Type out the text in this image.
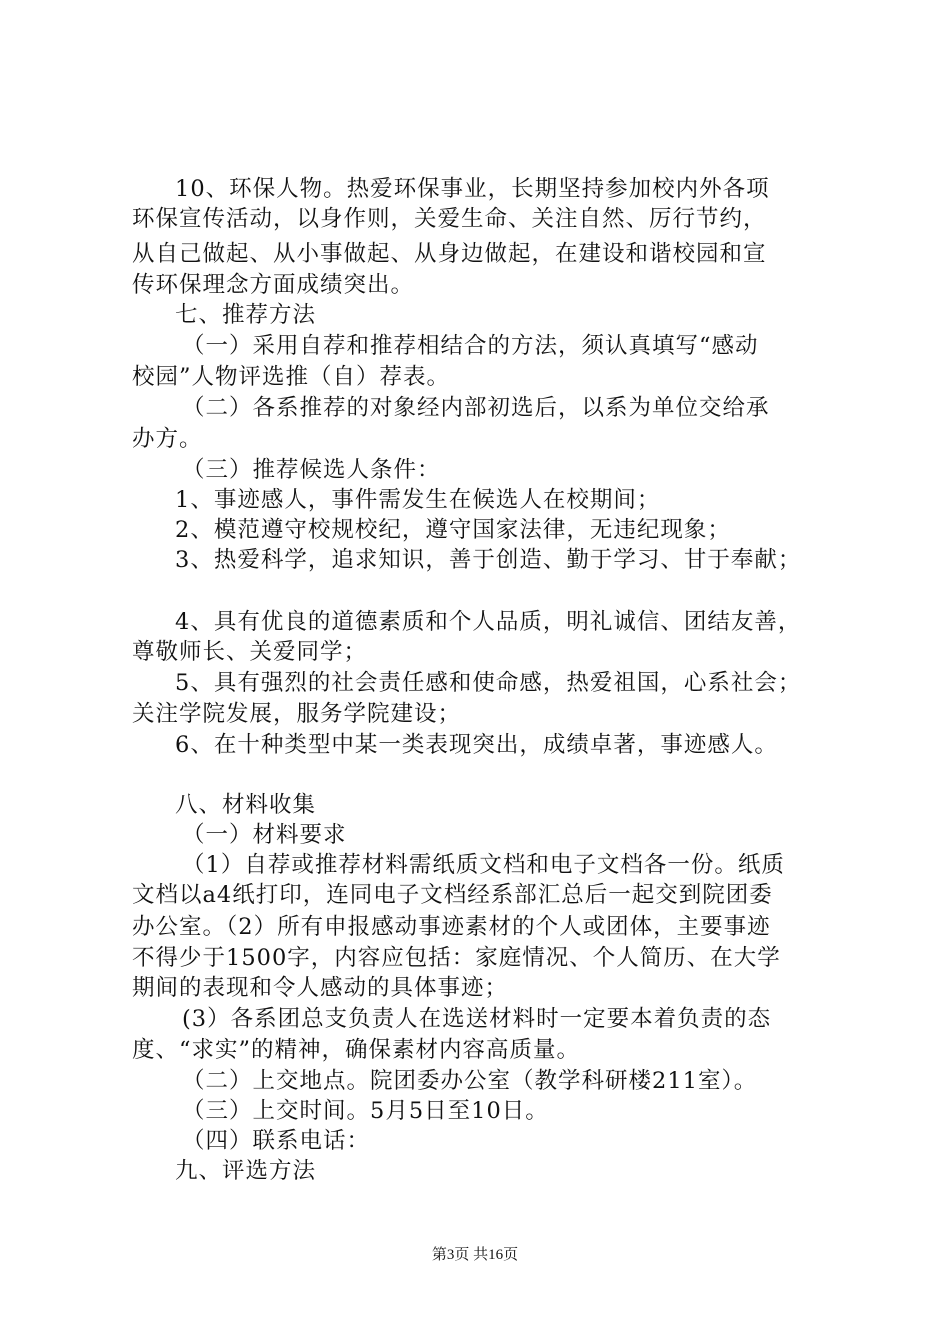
10、环保人物。热爱环保事业，长期坚持参加校内外各项
环保宣传活动，以身作则，关爱生命、关注自然、厉行节约，
从自己做起、从小事做起、从身边做起，在建设和谐校园和宣
传环保理念方面成绩突出。
七、推荐方法
（一）采用自荐和推荐相结合的方法，须认真填写“感动
校园”人物评选推（自）荐表。
（二）各系推荐的对象经内部初选后，以系为单位交给承
办方。
（三）推荐候选人条件：
1、事迹感人，事件需发生在候选人在校期间；
2、模范遵守校规校纪，遵守国家法律，无违纪现象；
3、热爱科学，追求知识，善于创造、勤于学习、甘于奉献；
4、具有优良的道德素质和个人品质，明礼诚信、团结友善，
尊敬师长、关爱同学；
5、具有强烈的社会责任感和使命感，热爱祖国，心系社会；
关注学院发展，服务学院建设；
6、在十种类型中某一类表现突出，成绩卓著，事迹感人。
八、材料收集
（一）材料要求
（1）自荐或推荐材料需纸质文档和电子文档各一份。纸质
文档以a4纸打印，连同电子文档经系部汇总后一起交到院团委
办公室。（2）所有申报感动事迹素材的个人或团体，主要事迹
不得少于1500字，内容应包括：家庭情况、个人简历、在大学
期间的表现和令人感动的具体事迹；
(3）各系团总支负责人在选送材料时一定要本着负责的态
度、“求实”的精神，确保素材内容高质量。
（二）上交地点。院团委办公室（教学科研楼211室）。
（三）上交时间。5月5日至10日。
（四）联系电话：
九、评选方法
第3页 共16页
